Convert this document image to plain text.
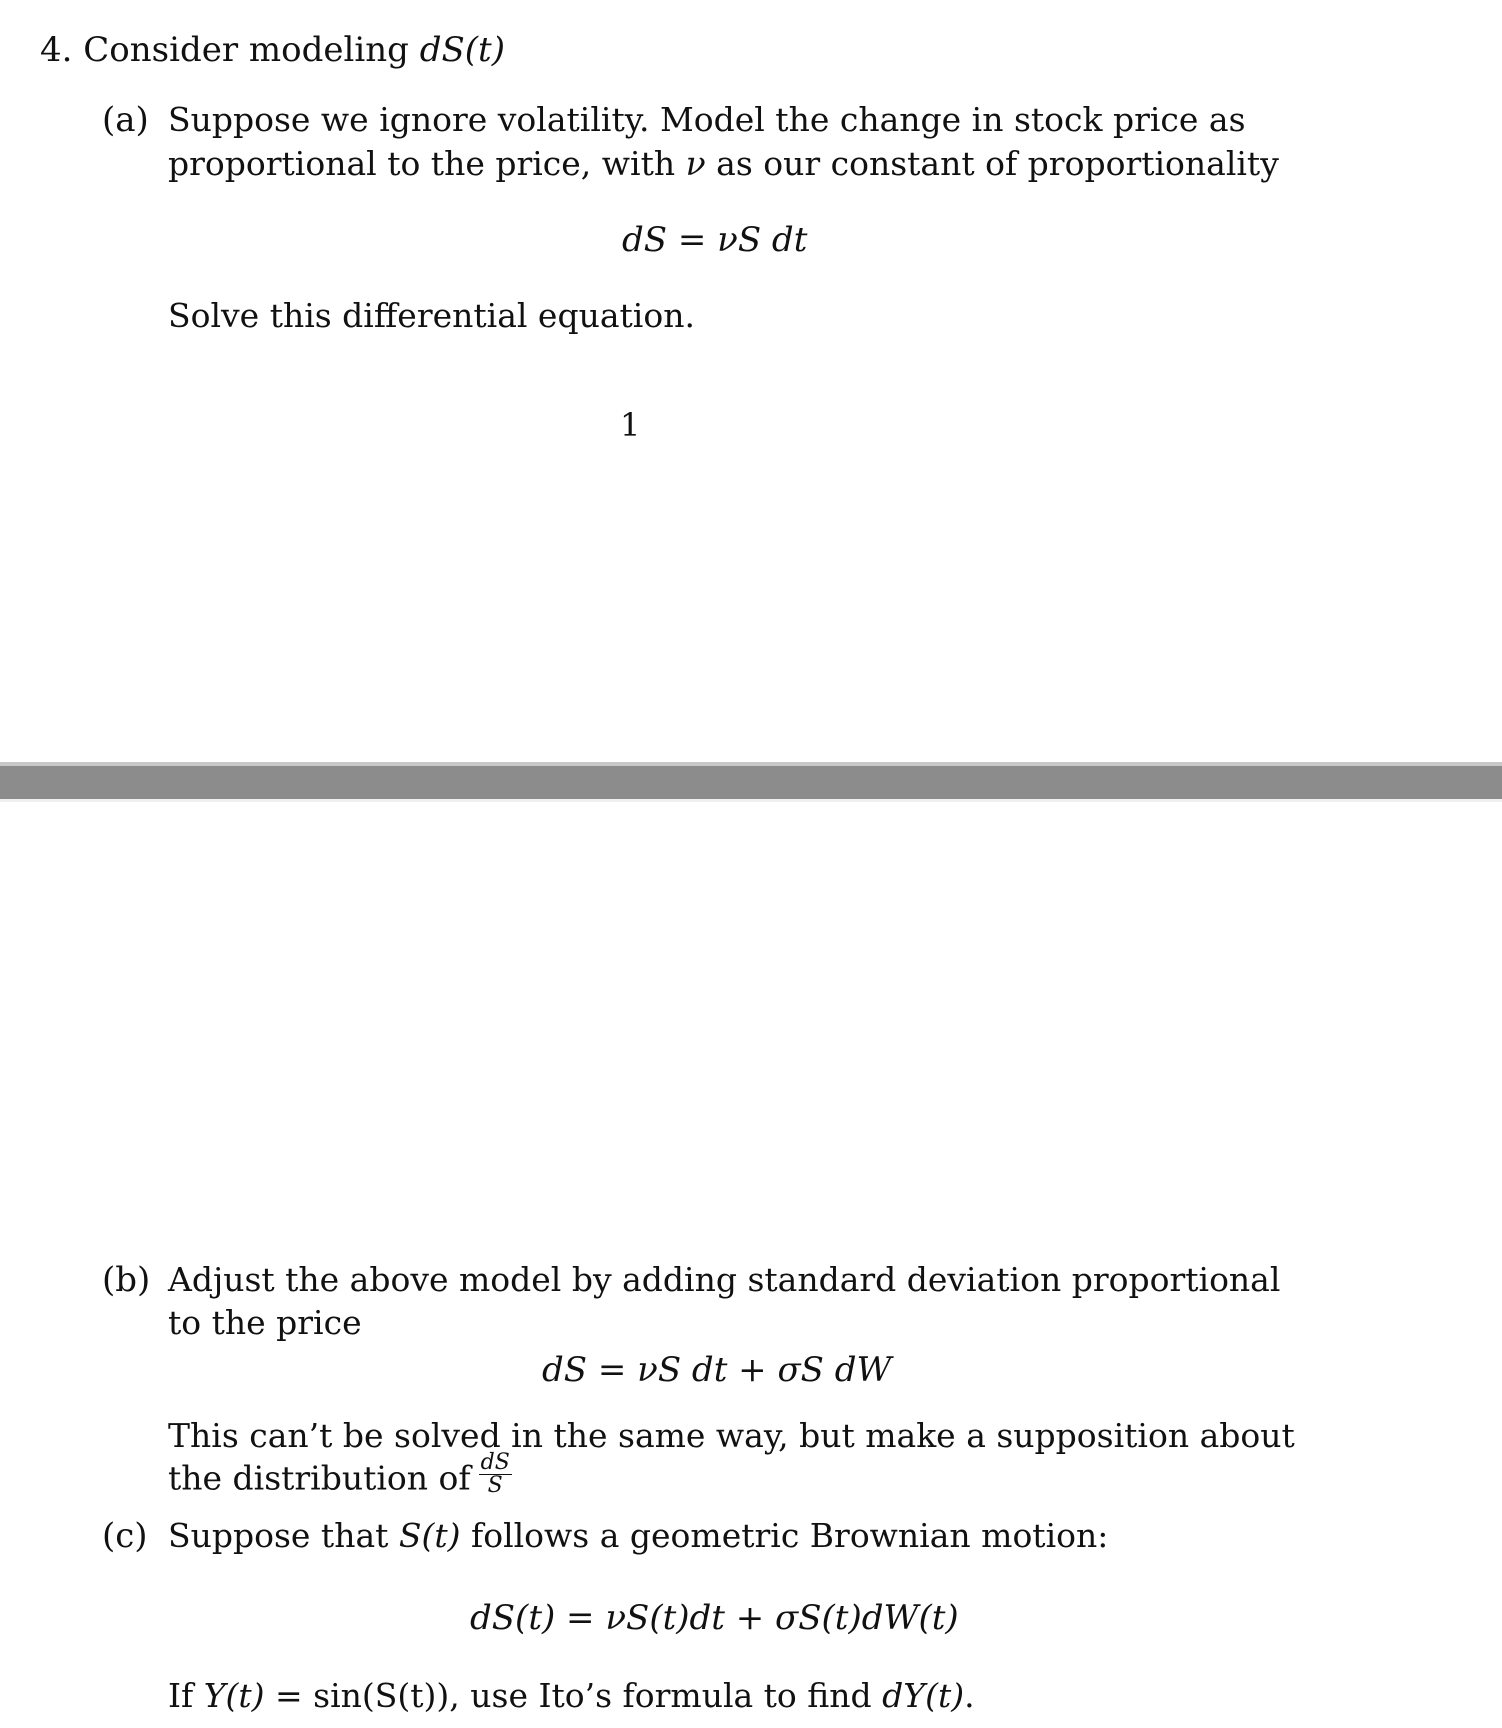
4. Consider modeling dS(t)
(a) Suppose we ignore volatility. Model the change in stock price as
proportional to the price, with ν as our constant of proportionality
dS = νS dt
Solve this differential equation.
1
(b) Adjust the above model by adding standard deviation proportional
to the price
dS = νS dt + σS dW
This can’t be solved in the same way, but make a supposition about
the distribution of $\frac{dS}{S}$
(c) Suppose that S(t) follows a geometric Brownian motion:
dS(t) = νS(t)dt + σS(t)dW(t)
If Y(t) = sin(S(t)), use Ito’s formula to find dY(t).
